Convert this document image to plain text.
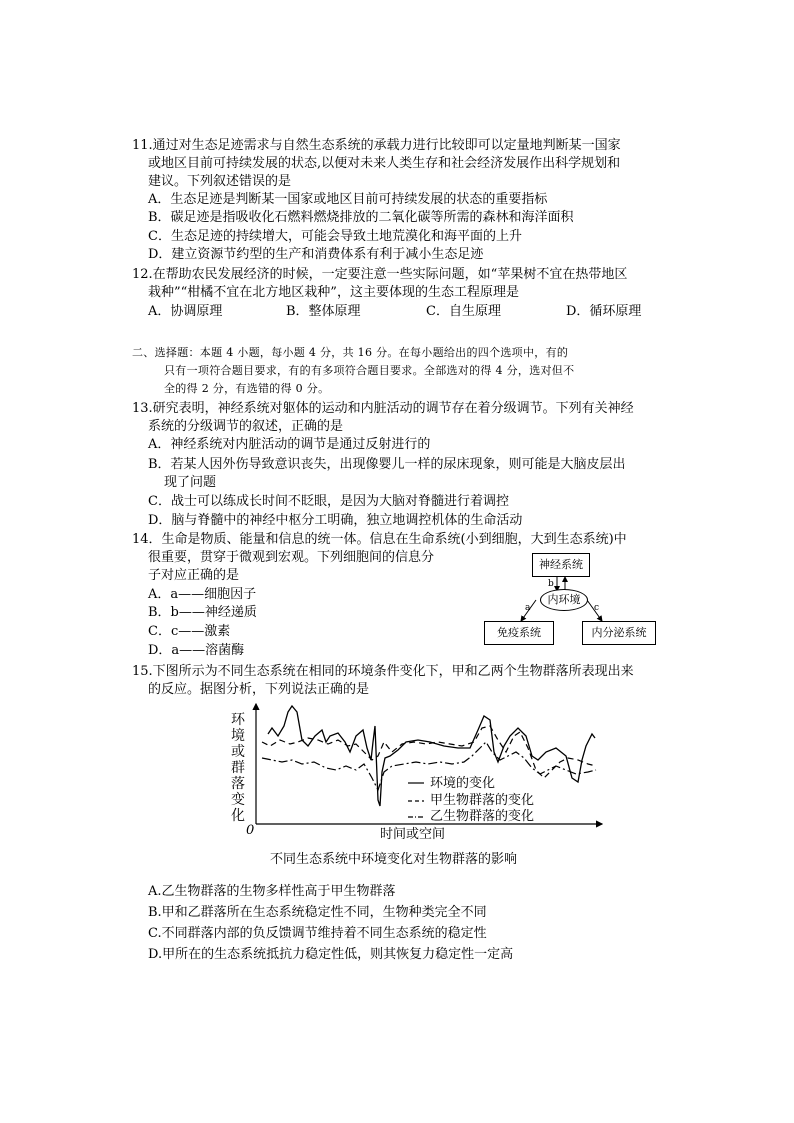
11.通过对生态足迹需求与自然生态系统的承载力进行比较即可以定量地判断某一国家
或地区目前可持续发展的状态,以便对未来人类生存和社会经济发展作出科学规划和
建议。下列叙述错误的是
A．生态足迹是判断某一国家或地区目前可持续发展的状态的重要指标
B．碳足迹是指吸收化石燃料燃烧排放的二氧化碳等所需的森林和海洋面积
C．生态足迹的持续增大，可能会导致土地荒漠化和海平面的上升
D．建立资源节约型的生产和消费体系有利于减小生态足迹
12.在帮助农民发展经济的时候，一定要注意一些实际问题，如“苹果树不宜在热带地区
栽种”“柑橘不宜在北方地区栽种”，这主要体现的生态工程原理是
A．协调原理	B．整体原理	C．自生原理	D．循环原理
二、选择题：本题 4 小题，每小题 4 分，共 16 分。在每小题给出的四个选项中，有的
只有一项符合题目要求，有的有多项符合题目要求。全部选对的得 4 分，选对但不
全的得 2 分，有选错的得 0 分。
13.研究表明，神经系统对躯体的运动和内脏活动的调节存在着分级调节。下列有关神经
系统的分级调节的叙述，正确的是
A．神经系统对内脏活动的调节是通过反射进行的
B．若某人因外伤导致意识丧失，出现像婴儿一样的尿床现象，则可能是大脑皮层出
现了问题
C．战士可以练成长时间不眨眼，是因为大脑对脊髓进行着调控
D．脑与脊髓中的神经中枢分工明确，独立地调控机体的生命活动
14．生命是物质、能量和信息的统一体。信息在生命系统(小到细胞，大到生态系统)中
很重要，贯穿于微观到宏观。下列细胞间的信息分
子对应正确的是
A．a——细胞因子
B．b——神经递质
C．c——激素
D．a——溶菌酶
神经系统
内环境
免疫系统	内分泌系统
b
a	c
15.下图所示为不同生态系统在相同的环境条件变化下，甲和乙两个生物群落所表现出来
的反应。据图分析，下列说法正确的是
0
环境或群落变化
时间或空间
环境的变化
甲生物群落的变化
乙生物群落的变化
不同生态系统中环境变化对生物群落的影响
A.乙生物群落的生物多样性高于甲生物群落
B.甲和乙群落所在生态系统稳定性不同，生物种类完全不同
C.不同群落内部的负反馈调节维持着不同生态系统的稳定性
D.甲所在的生态系统抵抗力稳定性低，则其恢复力稳定性一定高
